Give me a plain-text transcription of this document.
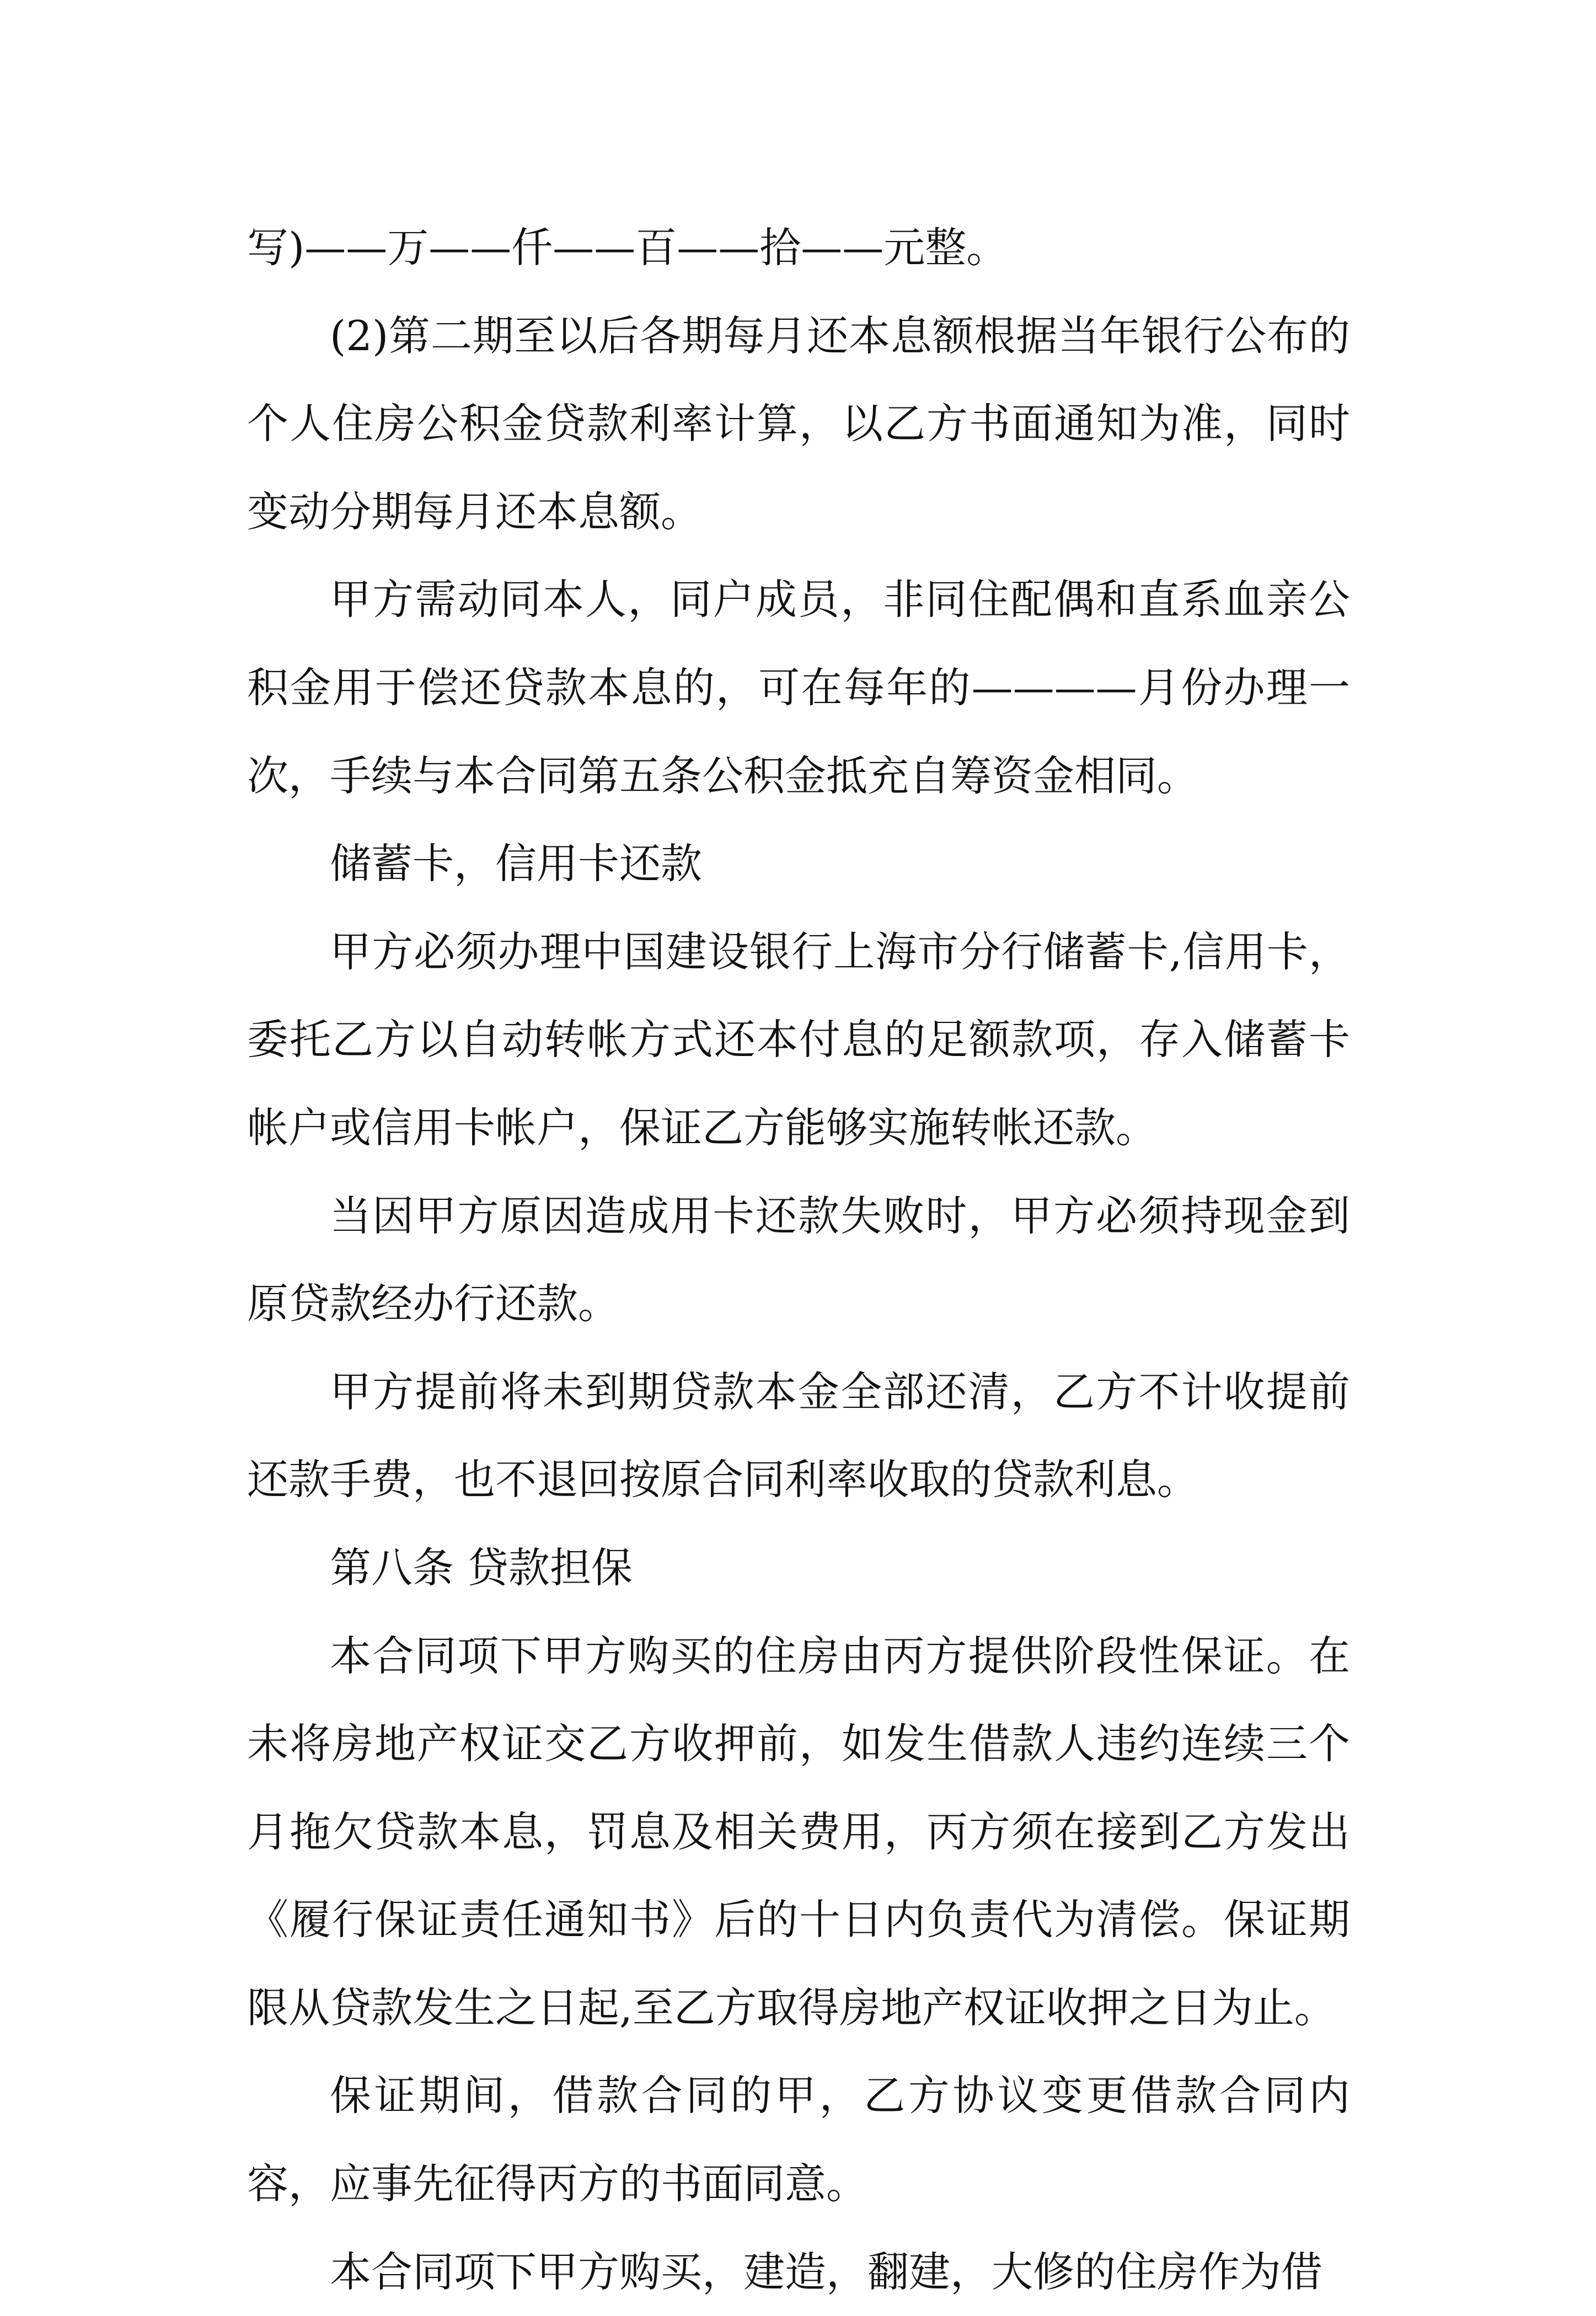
写)——万——仟——百——拾——元整。

(2)第二期至以后各期每月还本息额根据当年银行公布的个人住房公积金贷款利率计算，以乙方书面通知为准，同时变动分期每月还本息额。

甲方需动同本人，同户成员，非同住配偶和直系血亲公积金用于偿还贷款本息的，可在每年的————月份办理一次，手续与本合同第五条公积金抵充自筹资金相同。

储蓄卡，信用卡还款

甲方必须办理中国建设银行上海市分行储蓄卡,信用卡，委托乙方以自动转帐方式还本付息的足额款项，存入储蓄卡帐户或信用卡帐户，保证乙方能够实施转帐还款。

当因甲方原因造成用卡还款失败时，甲方必须持现金到原贷款经办行还款。

甲方提前将未到期贷款本金全部还清，乙方不计收提前还款手费，也不退回按原合同利率收取的贷款利息。

第八条 贷款担保

本合同项下甲方购买的住房由丙方提供阶段性保证。在未将房地产权证交乙方收押前，如发生借款人违约连续三个月拖欠贷款本息，罚息及相关费用，丙方须在接到乙方发出《履行保证责任通知书》后的十日内负责代为清偿。保证期限从贷款发生之日起,至乙方取得房地产权证收押之日为止。

保证期间，借款合同的甲，乙方协议变更借款合同内容，应事先征得丙方的书面同意。

本合同项下甲方购买，建造，翻建，大修的住房作为借
